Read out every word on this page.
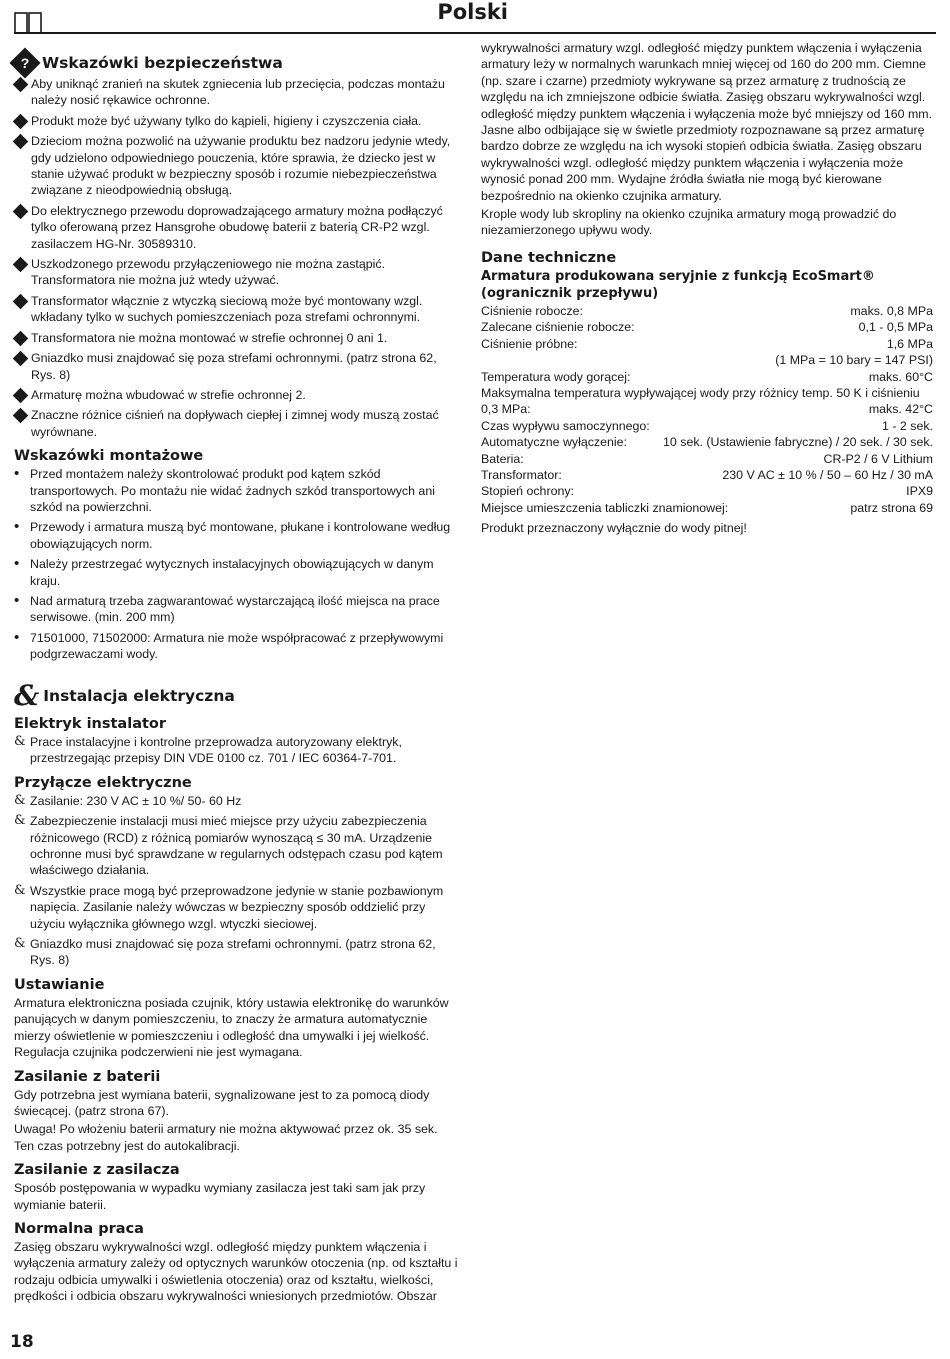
Polski
? Wskazówki bezpieczeństwa
Aby uniknąć zranień na skutek zgniecenia lub przecięcia, podczas montażu należy nosić rękawice ochronne.
Produkt może być używany tylko do kąpieli, higieny i czyszczenia ciała.
Dzieciom można pozwolić na używanie produktu bez nadzoru jedynie wtedy, gdy udzielono odpowiedniego pouczenia, które sprawia, że dziecko jest w stanie używać produkt w bezpieczny sposób i rozumie niebezpieczeństwa związane z nieodpowiednią obsługą.
Do elektrycznego przewodu doprowadzającego armatury można podłączyć tylko oferowaną przez Hansgrohe obudowę baterii z baterią CR-P2 wzgl. zasilaczem HG-Nr. 30589310.
Uszkodzonego przewodu przyłączeniowego nie można zastąpić. Transformatora nie można już wtedy używać.
Transformator włącznie z wtyczką sieciową może być montowany wzgl. wkładany tylko w suchych pomieszczeniach poza strefami ochronnymi.
Transformatora nie można montować w strefie ochronnej 0 ani 1.
Gniazdko musi znajdować się poza strefami ochronnymi. (patrz strona 62, Rys. 8)
Armaturę można wbudować w strefie ochronnej 2.
Znaczne różnice ciśnień na dopływach ciepłej i zimnej wody muszą zostać wyrównane.
Wskazówki montażowe
• Przed montażem należy skontrolować produkt pod kątem szkód transportowych. Po montażu nie widać żadnych szkód transportowych ani szkód na powierzchni.
• Przewody i armatura muszą być montowane, płukane i kontrolowane według obowiązujących norm.
• Należy przestrzegać wytycznych instalacyjnych obowiązujących w danym kraju.
• Nad armaturą trzeba zagwarantować wystarczającą ilość miejsca na prace serwisowe. (min. 200 mm)
• 71501000, 71502000: Armatura nie może współpracować z przepływowymi podgrzewaczami wody.

wykrywalności armatury wzgl. odległość między punktem włączenia i wyłączenia armatury leży w normalnych warunkach mniej więcej od 160 do 200 mm. Ciemne (np. szare i czarne) przedmioty wykrywane są przez armaturę z trudnością ze względu na ich zmniejszone odbicie światła. Zasięg obszaru wykrywalności wzgl. odległość między punktem włączenia i wyłączenia może być mniejszy od 160 mm. Jasne albo odbijające się w świetle przedmioty rozpoznawane są przez armaturę bardzo dobrze ze względu na ich wysoki stopień odbicia światła. Zasięg obszaru wykrywalności wzgl. odległość między punktem włączenia i wyłączenia może wynosić ponad 200 mm. Wydajne źródła światła nie mogą być kierowane bezpośrednio na okienko czujnika armatury.

Krople wody lub skropliny na okienko czujnika armatury mogą prowadzić do niezamierzonego upływu wody.

Dane techniczne
Armatura produkowana seryjnie z funkcją EcoSmart® (ogranicznik przepływu)
Ciśnienie robocze:	maks. 0,8 MPa
Zalecane ciśnienie robocze:	0,1 - 0,5 MPa
Ciśnienie próbne:	1,6 MPa
(1 MPa = 10 bary = 147 PSI)
Temperatura wody gorącej:	maks. 60°C
Maksymalna temperatura wypływającej wody przy różnicy temp. 50 K i ciśnieniu
0,3 MPa:	maks. 42°C
Czas wypływu samoczynnego:	1 - 2 sek.
Automatyczne wyłączenie:	10 sek. (Ustawienie fabryczne) / 20 sek. / 30 sek.
Bateria:	CR-P2 / 6 V Lithium
Transformator:	230 V AC ± 10 % / 50 – 60 Hz / 30 mA
Stopień ochrony:	IPX9
Miejsce umieszczenia tabliczki znamionowej:	patrz strona 69

Produkt przeznaczony wyłącznie do wody pitnej!

& Instalacja elektryczna
Elektryk instalator
& Prace instalacyjne i kontrolne przeprowadza autoryzowany elektryk, przestrzegając przepisy DIN VDE 0100 cz. 701 / IEC 60364-7-701.
Przyłącze elektryczne
& Zasilanie: 230 V AC ± 10 %/ 50- 60 Hz
& Zabezpieczenie instalacji musi mieć miejsce przy użyciu zabezpieczenia różnicowego (RCD) z różnicą pomiarów wynoszącą ≤ 30 mA. Urządzenie ochronne musi być sprawdzane w regularnych odstępach czasu pod kątem właściwego działania.
& Wszystkie prace mogą być przeprowadzone jedynie w stanie pozbawionym napięcia. Zasilanie należy wówczas w bezpieczny sposób oddzielić przy użyciu wyłącznika głównego wzgl. wtyczki sieciowej.
& Gniazdko musi znajdować się poza strefami ochronnymi. (patrz strona 62, Rys. 8)
Ustawianie

Armatura elektroniczna posiada czujnik, który ustawia elektronikę do warunków panujących w danym pomieszczeniu, to znaczy że armatura automatycznie mierzy oświetlenie w pomieszczeniu i odległość dna umywalki i jej wielkość. Regulacja czujnika podczerwieni nie jest wymagana.

Zasilanie z baterii

Gdy potrzebna jest wymiana baterii, sygnalizowane jest to za pomocą diody świecącej. (patrz strona 67).

Uwaga! Po włożeniu baterii armatury nie można aktywować przez ok. 35 sek. Ten czas potrzebny jest do autokalibracji.

Zasilanie z zasilacza

Sposób postępowania w wypadku wymiany zasilacza jest taki sam jak przy wymianie baterii.

Normalna praca

Zasięg obszaru wykrywalności wzgl. odległość między punktem włączenia i wyłączenia armatury zależy od optycznych warunków otoczenia (np. od kształtu i rodzaju odbicia umywalki i oświetlenia otoczenia) oraz od kształtu, wielkości, prędkości i odbicia obszaru wykrywalności wniesionych przedmiotów. Obszar

18
